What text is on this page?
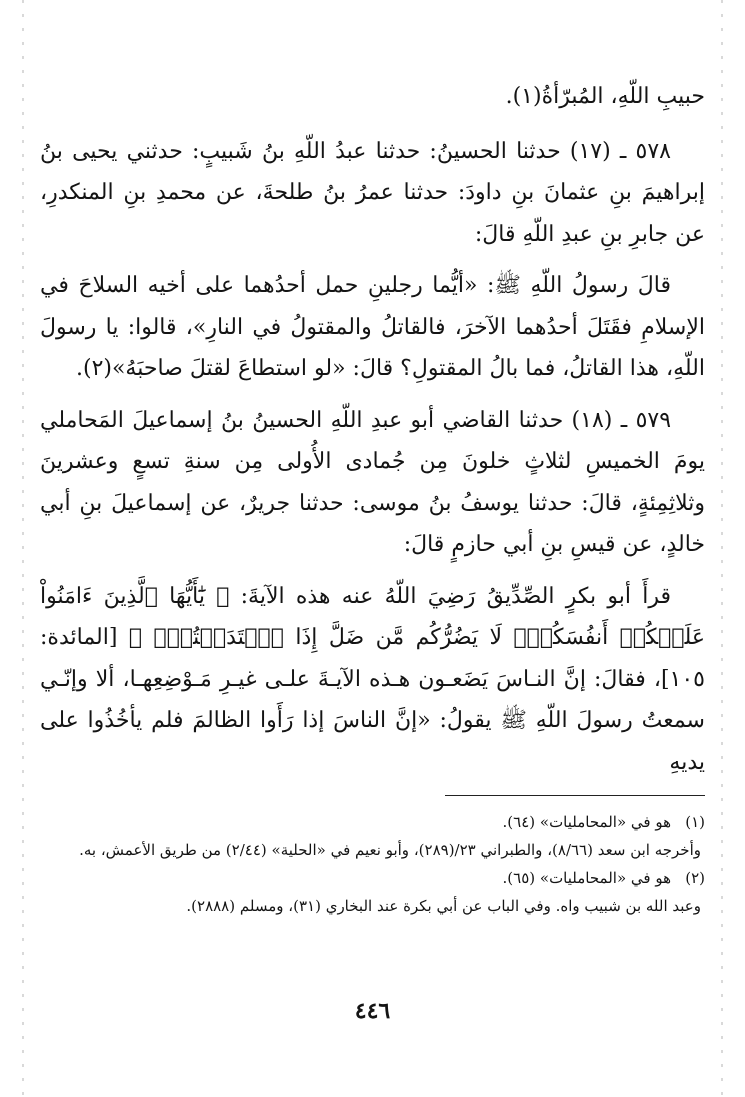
حبيبِ اللّهِ، المُبرّأةُ(١).

٥٧٨ ـ (١٧) حدثنا الحسينُ: حدثنا عبدُ اللّهِ بنُ شَبيبٍ: حدثني يحيى بنُ إبراهيمَ بنِ عثمانَ بنِ داودَ: حدثنا عمرُ بنُ طلحةَ، عن محمدِ بنِ المنكدرِ، عن جابرِ بنِ عبدِ اللّهِ قالَ:

قالَ رسولُ اللّهِ ﷺ: «أيُّما رجلينِ حمل أحدُهما على أخيه السلاحَ في الإسلامِ فقَتَلَ أحدُهما الآخرَ، فالقاتلُ والمقتولُ في النارِ»، قالوا: يا رسولَ اللّهِ، هذا القاتلُ، فما بالُ المقتولِ؟ قالَ: «لو استطاعَ لقتلَ صاحبَهُ»(٢).

٥٧٩ ـ (١٨) حدثنا القاضي أبو عبدِ اللّهِ الحسينُ بنُ إسماعيلَ المَحاملي يومَ الخميسِ لثلاثٍ خلونَ مِن جُمادى الأُولى مِن سنةِ تسعٍ وعشرينَ وثلاثِمِئةٍ، قالَ: حدثنا يوسفُ بنُ موسى: حدثنا جريرٌ، عن إسماعيلَ بنِ أبي خالدٍ، عن قيسِ بنِ أبي حازمٍ قالَ:

قرأَ أبو بكرٍ الصِّدِّيقُ رَضِيَ اللّهُ عنه هذه الآيةَ: ﴿ يَٰٓأَيُّهَا ٱلَّذِينَ ءَامَنُواْ عَلَيۡكُمۡ أَنفُسَكُمۡۖ لَا يَضُرُّكُم مَّن ضَلَّ إِذَا ٱهۡتَدَيۡتُمۡۚ ﴾ [المائدة: ١٠٥]، فقالَ: إنَّ النـاسَ يَضَعـون هـذه الآيـةَ علـى غيـرِ مَـوْضِعِهـا، ألا وإنّـي سمعتُ رسولَ اللّهِ ﷺ يقولُ: «إنَّ الناسَ إذا رَأَوا الظالمَ فلم يأخُذُوا على يديهِ

(١)هو في «المحامليات» (٦٤).

وأخرجه ابن سعد (٨/٦٦)، والطبراني ٢٣/(٢٨٩)، وأبو نعيم في «الحلية» (٢/٤٤) من طريق الأعمش، به.

(٢)هو في «المحامليات» (٦٥).

وعبد الله بن شبيب واه. وفي الباب عن أبي بكرة عند البخاري (٣١)، ومسلم (٢٨٨٨).

٤٤٦
